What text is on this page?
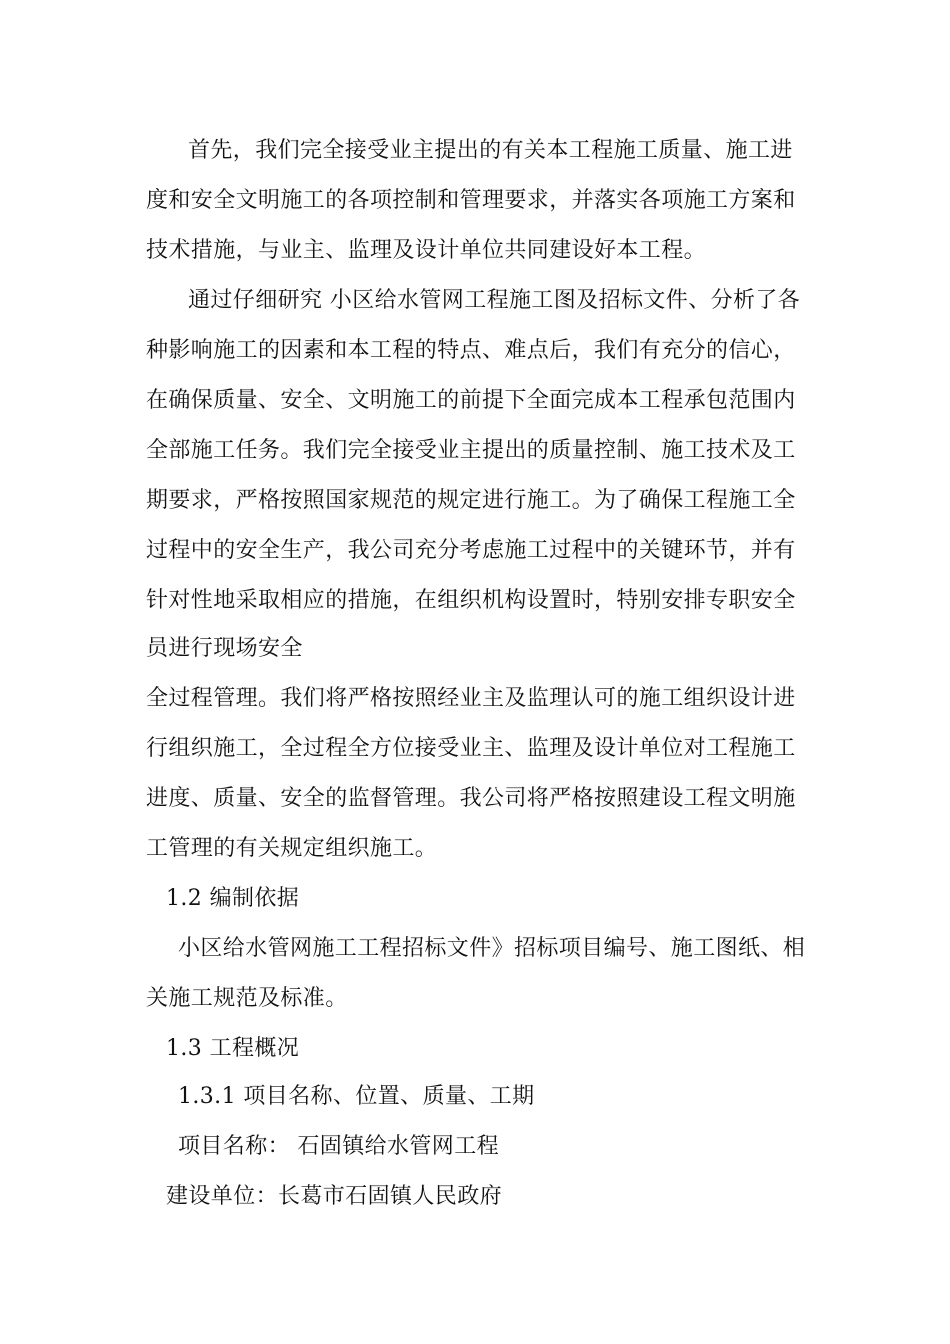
首先，我们完全接受业主提出的有关本工程施工质量、施工进
度和安全文明施工的各项控制和管理要求，并落实各项施工方案和
技术措施，与业主、监理及设计单位共同建设好本工程。
通过仔细研究 小区给水管网工程施工图及招标文件、分析了各
种影响施工的因素和本工程的特点、难点后，我们有充分的信心，
在确保质量、安全、文明施工的前提下全面完成本工程承包范围内
全部施工任务。我们完全接受业主提出的质量控制、施工技术及工
期要求，严格按照国家规范的规定进行施工。为了确保工程施工全
过程中的安全生产，我公司充分考虑施工过程中的关键环节，并有
针对性地采取相应的措施，在组织机构设置时，特别安排专职安全
员进行现场安全
全过程管理。我们将严格按照经业主及监理认可的施工组织设计进
行组织施工，全过程全方位接受业主、监理及设计单位对工程施工
进度、质量、安全的监督管理。我公司将严格按照建设工程文明施
工管理的有关规定组织施工。
1.2 编制依据
小区给水管网施工工程招标文件》招标项目编号、施工图纸、相
关施工规范及标准。
1.3 工程概况
1.3.1 项目名称、位置、质量、工期
项目名称： 石固镇给水管网工程
建设单位：长葛市石固镇人民政府
